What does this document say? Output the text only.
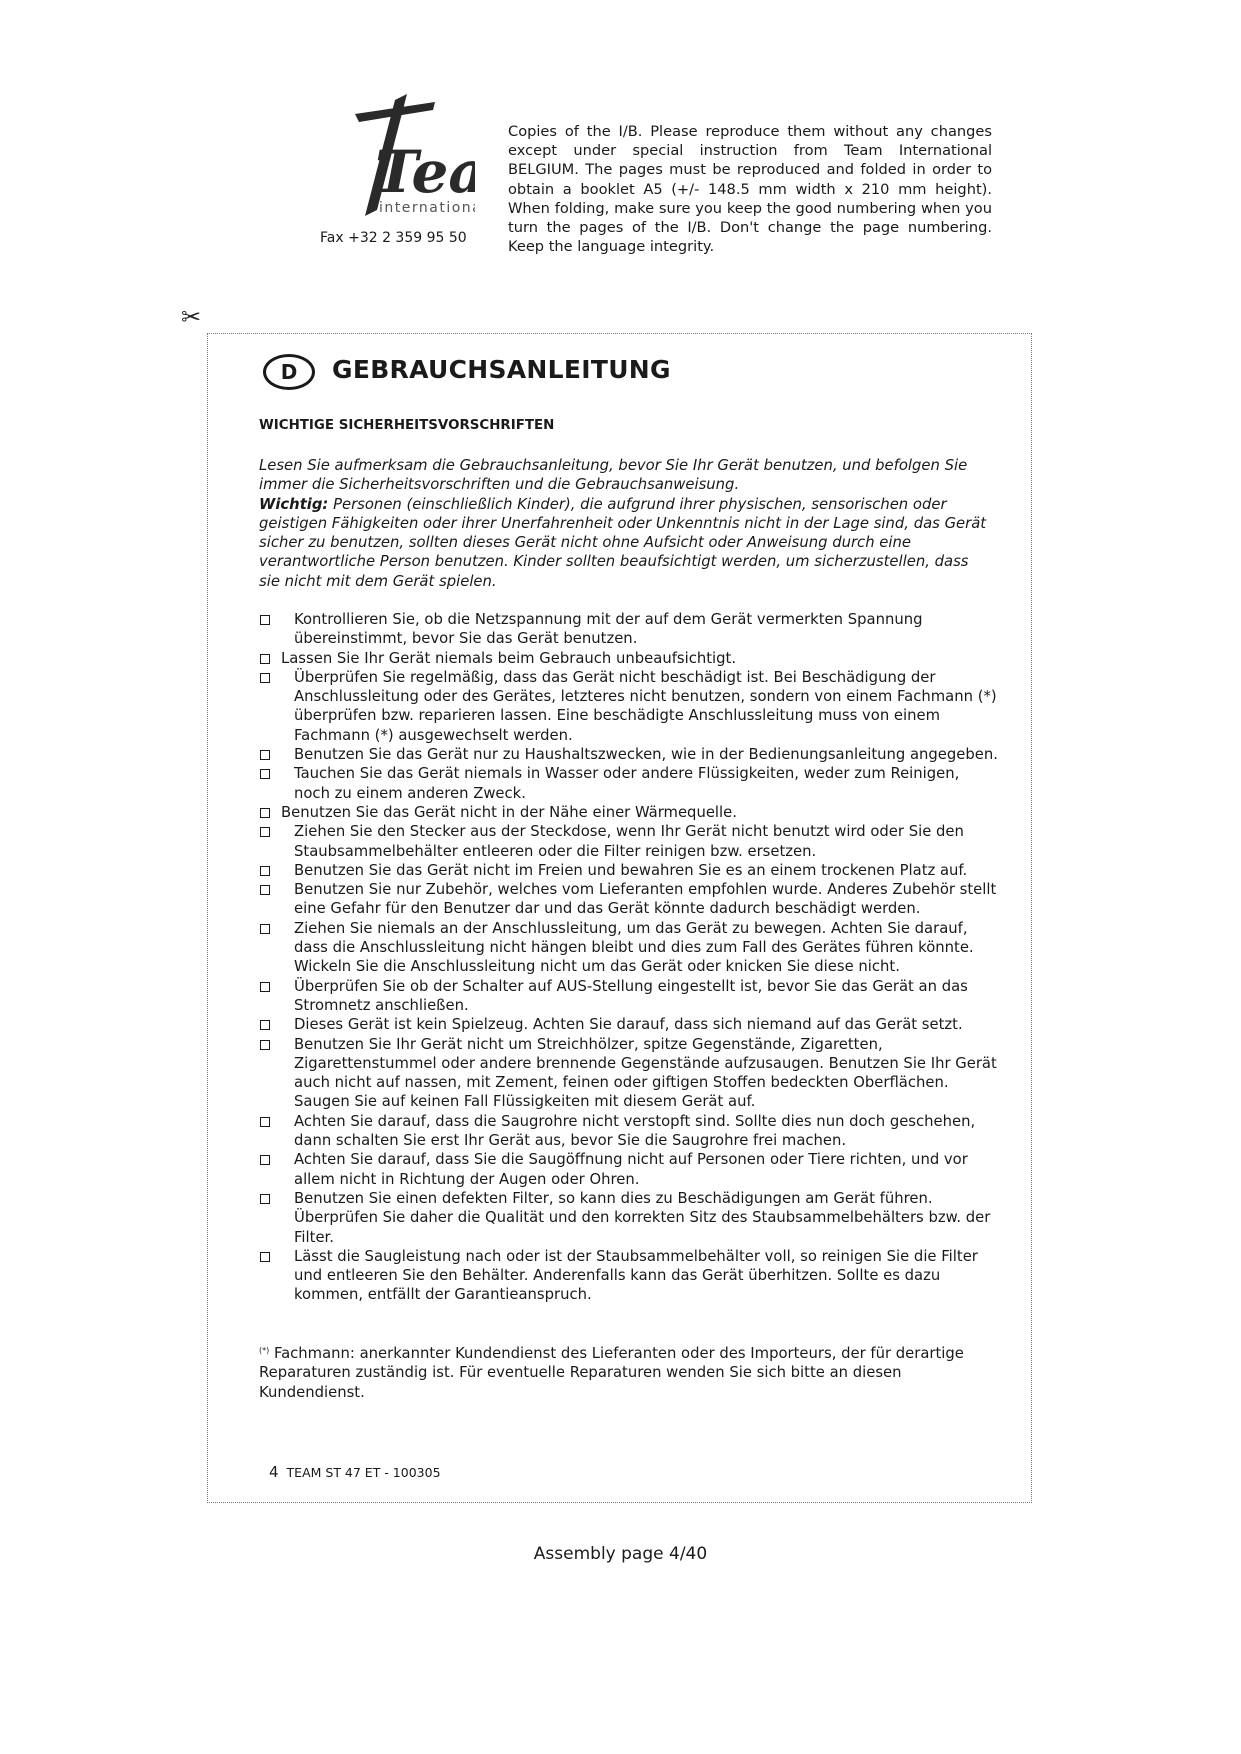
Te
internation
Fax +32 2 359 95 50
Copies of the I/B. Please reproduce them without any changes except under special instruction from Team International BELGIUM. The pages must be reproduced and folded in order to obtain a booklet A5 (+/- 148.5 mm width x 210 mm height). When folding, make sure you keep the good numbering when you turn the pages of the I/B. Don't change the page numbering. Keep the language integrity.
✂
D	GEBRAUCHSANLEITUNG
WICHTIGE SICHERHEITSVORSCHRIFTEN
Lesen Sie aufmerksam die Gebrauchsanleitung, bevor Sie Ihr Gerät benutzen, und befolgen Sie immer die Sicherheitsvorschriften und die Gebrauchsanweisung.
Wichtig: Personen (einschließlich Kinder), die aufgrund ihrer physischen, sensorischen oder geistigen Fähigkeiten oder ihrer Unerfahrenheit oder Unkenntnis nicht in der Lage sind, das Gerät sicher zu benutzen, sollten dieses Gerät nicht ohne Aufsicht oder Anweisung durch eine verantwortliche Person benutzen. Kinder sollten beaufsichtigt werden, um sicherzustellen, dass sie nicht mit dem Gerät spielen.
Kontrollieren Sie, ob die Netzspannung mit der auf dem Gerät vermerkten Spannung übereinstimmt, bevor Sie das Gerät benutzen.
Lassen Sie Ihr Gerät niemals beim Gebrauch unbeaufsichtigt.
Überprüfen Sie regelmäßig, dass das Gerät nicht beschädigt ist. Bei Beschädigung der Anschlussleitung oder des Gerätes, letzteres nicht benutzen, sondern von einem Fachmann (*) überprüfen bzw. reparieren lassen. Eine beschädigte Anschlussleitung muss von einem Fachmann (*) ausgewechselt werden.
Benutzen Sie das Gerät nur zu Haushaltszwecken, wie in der Bedienungsanleitung angegeben.
Tauchen Sie das Gerät niemals in Wasser oder andere Flüssigkeiten, weder zum Reinigen, noch zu einem anderen Zweck.
Benutzen Sie das Gerät nicht in der Nähe einer Wärmequelle.
Ziehen Sie den Stecker aus der Steckdose, wenn Ihr Gerät nicht benutzt wird oder Sie den Staubsammelbehälter entleeren oder die Filter reinigen bzw. ersetzen.
Benutzen Sie das Gerät nicht im Freien und bewahren Sie es an einem trockenen Platz auf.
Benutzen Sie nur Zubehör, welches vom Lieferanten empfohlen wurde. Anderes Zubehör stellt eine Gefahr für den Benutzer dar und das Gerät könnte dadurch beschädigt werden.
Ziehen Sie niemals an der Anschlussleitung, um das Gerät zu bewegen. Achten Sie darauf, dass die Anschlussleitung nicht hängen bleibt und dies zum Fall des Gerätes führen könnte. Wickeln Sie die Anschlussleitung nicht um das Gerät oder knicken Sie diese nicht.
Überprüfen Sie ob der Schalter auf AUS-Stellung eingestellt ist, bevor Sie das Gerät an das Stromnetz anschließen.
Dieses Gerät ist kein Spielzeug. Achten Sie darauf, dass sich niemand auf das Gerät setzt.
Benutzen Sie Ihr Gerät nicht um Streichhölzer, spitze Gegenstände, Zigaretten, Zigarettenstummel oder andere brennende Gegenstände aufzusaugen. Benutzen Sie Ihr Gerät auch nicht auf nassen, mit Zement, feinen oder giftigen Stoffen bedeckten Oberflächen. Saugen Sie auf keinen Fall Flüssigkeiten mit diesem Gerät auf.
Achten Sie darauf, dass die Saugrohre nicht verstopft sind. Sollte dies nun doch geschehen, dann schalten Sie erst Ihr Gerät aus, bevor Sie die Saugrohre frei machen.
Achten Sie darauf, dass Sie die Saugöffnung nicht auf Personen oder Tiere richten, und vor allem nicht in Richtung der Augen oder Ohren.
Benutzen Sie einen defekten Filter, so kann dies zu Beschädigungen am Gerät führen. Überprüfen Sie daher die Qualität und den korrekten Sitz des Staubsammelbehälters bzw. der Filter.
Lässt die Saugleistung nach oder ist der Staubsammelbehälter voll, so reinigen Sie die Filter und entleeren Sie den Behälter. Anderenfalls kann das Gerät überhitzen. Sollte es dazu kommen, entfällt der Garantieanspruch.
(*) Fachmann: anerkannter Kundendienst des Lieferanten oder des Importeurs, der für derartige Reparaturen zuständig ist. Für eventuelle Reparaturen wenden Sie sich bitte an diesen Kundendienst.
4 TEAM ST 47 ET - 100305
Assembly page 4/40
